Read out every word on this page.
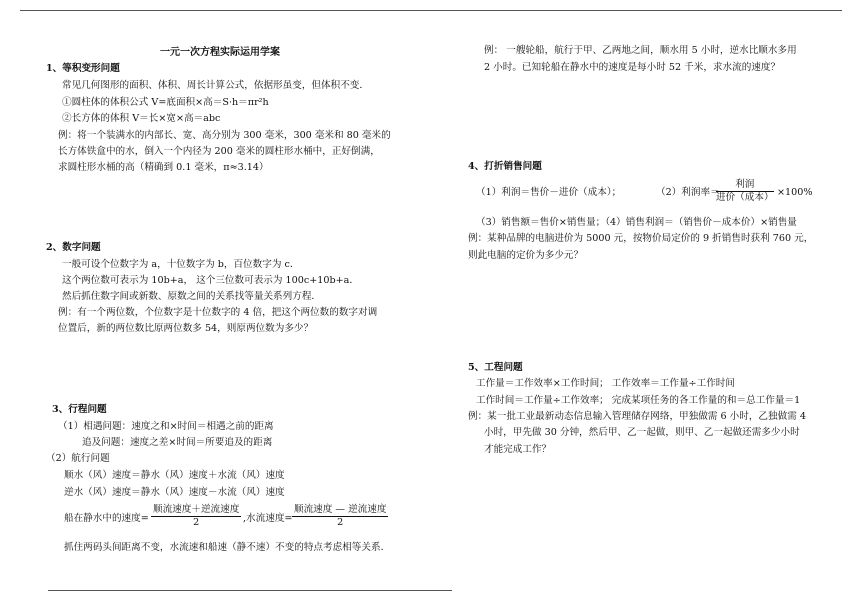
一元一次方程实际运用学案
1、等积变形问题
常见几何图形的面积、体积、周长计算公式，依据形虽变，但体积不变．
①圆柱体的体积公式 V=底面积×高＝S·h＝πr²h
②长方体的体积 V＝长×宽×高＝abc
例：将一个装满水的内部长、宽、高分别为 300 毫米，300 毫米和 80 毫米的
长方体铁盒中的水，倒入一个内径为 200 毫米的圆柱形水桶中，正好倒满，
求圆柱形水桶的高（精确到 0.1 毫米，π≈3.14）
2、数字问题
一般可设个位数字为 a，十位数字为 b，百位数字为 c．
这个两位数可表示为 10b+a， 这个三位数可表示为 100c+10b+a．
然后抓住数字间或新数、原数之间的关系找等量关系列方程．
例：有一个两位数，个位数字是十位数字的 4 倍，把这个两位数的数字对调
位置后，新的两位数比原两位数多 54，则原两位数为多少？
3、行程问题
（1）相遇问题：速度之和×时间＝相遇之前的距离
追及问题：速度之差×时间＝所要追及的距离
（2）航行问题
顺水（风）速度＝静水（风）速度＋水流（风）速度
逆水（风）速度＝静水（风）速度－水流（风）速度
船在静水中的速度=
顺流速度＋逆流速度
2	,水流速度=
顺流速度 — 逆流速度
2
抓住两码头间距离不变，水流速和船速（静不速）不变的特点考虑相等关系．
例： 一艘轮船，航行于甲、乙两地之间，顺水用 5 小时，逆水比顺水多用
2 小时。已知轮船在静水中的速度是每小时 52 千米，求水流的速度？
4、打折销售问题
（1）利润＝售价－进价（成本）；	（2）利润率＝
利润
进价（成本） ×100%
（3）销售额＝售价×销售量；（4）销售利润＝（销售价－成本价）×销售量
例：某种品牌的电脑进价为 5000 元，按物价局定价的 9 折销售时获利 760 元，
则此电脑的定价为多少元？
5、工程问题
工作量＝工作效率×工作时间； 工作效率＝工作量÷工作时间
工作时间＝工作量÷工作效率； 完成某项任务的各工作量的和＝总工作量＝1
例：某一批工业最新动态信息输入管理储存网络，甲独做需 6 小时，乙独做需 4
小时，甲先做 30 分钟，然后甲、乙一起做，则甲、乙一起做还需多少小时
才能完成工作？
